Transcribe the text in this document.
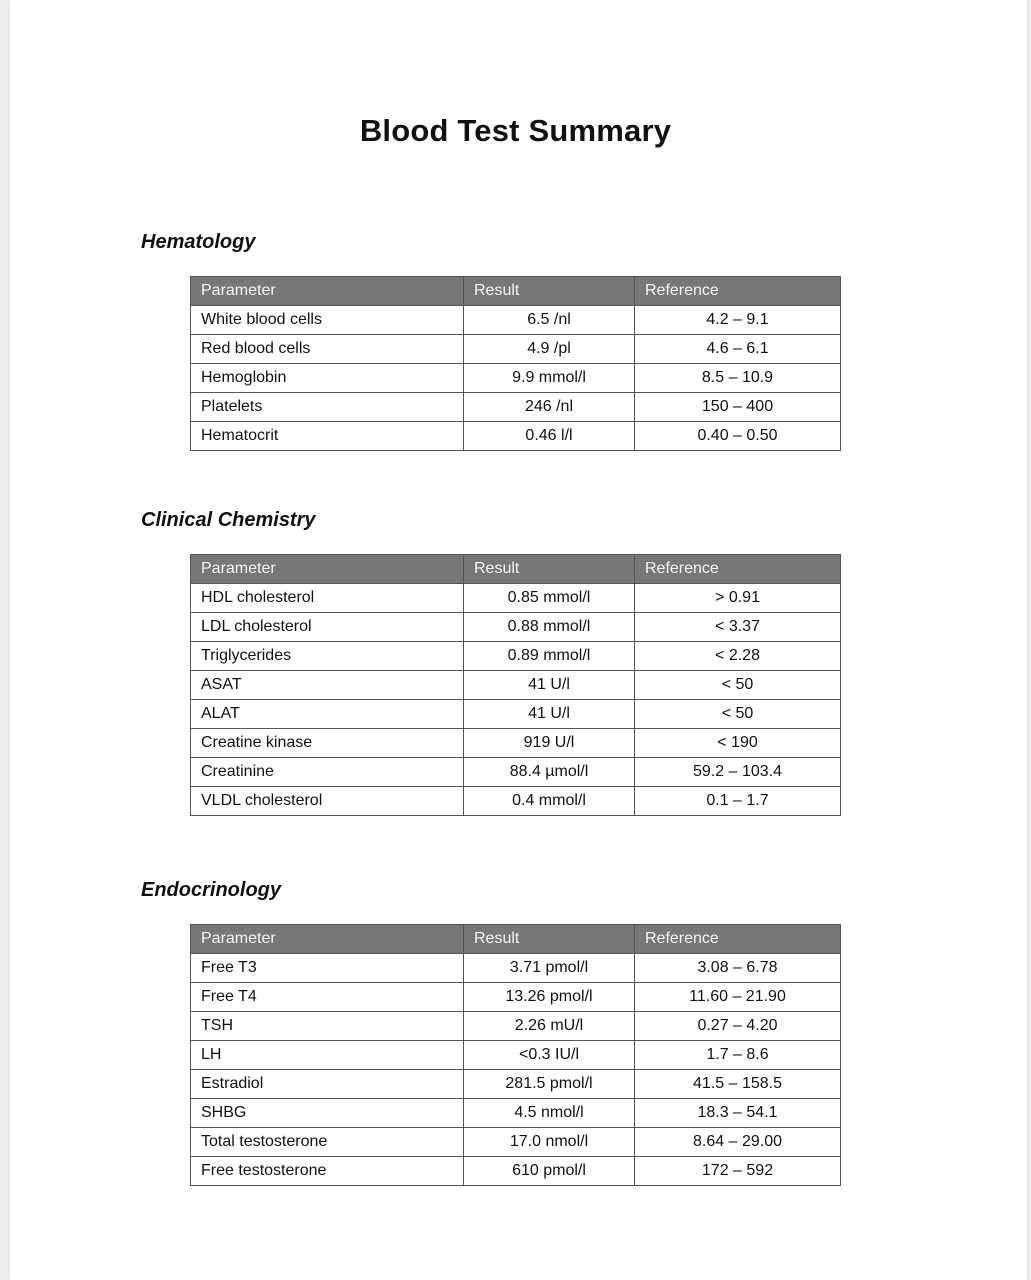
Blood Test Summary
Hematology
Parameter	Result	Reference
White blood cells	6.5 /nl	4.2 – 9.1
Red blood cells	4.9 /pl	4.6 – 6.1
Hemoglobin	9.9 mmol/l	8.5 – 10.9
Platelets	246 /nl	150 – 400
Hematocrit	0.46 l/l	0.40 – 0.50
Clinical Chemistry
Parameter	Result	Reference
HDL cholesterol	0.85 mmol/l	> 0.91
LDL cholesterol	0.88 mmol/l	< 3.37
Triglycerides	0.89 mmol/l	< 2.28
ASAT	41 U/l	< 50
ALAT	41 U/l	< 50
Creatine kinase	919 U/l	< 190
Creatinine	88.4 µmol/l	59.2 – 103.4
VLDL cholesterol	0.4 mmol/l	0.1 – 1.7
Endocrinology
Parameter	Result	Reference
Free T3	3.71 pmol/l	3.08 – 6.78
Free T4	13.26 pmol/l	11.60 – 21.90
TSH	2.26 mU/l	0.27 – 4.20
LH	<0.3 IU/l	1.7 – 8.6
Estradiol	281.5 pmol/l	41.5 – 158.5
SHBG	4.5 nmol/l	18.3 – 54.1
Total testosterone	17.0 nmol/l	8.64 – 29.00
Free testosterone	610 pmol/l	172 – 592
